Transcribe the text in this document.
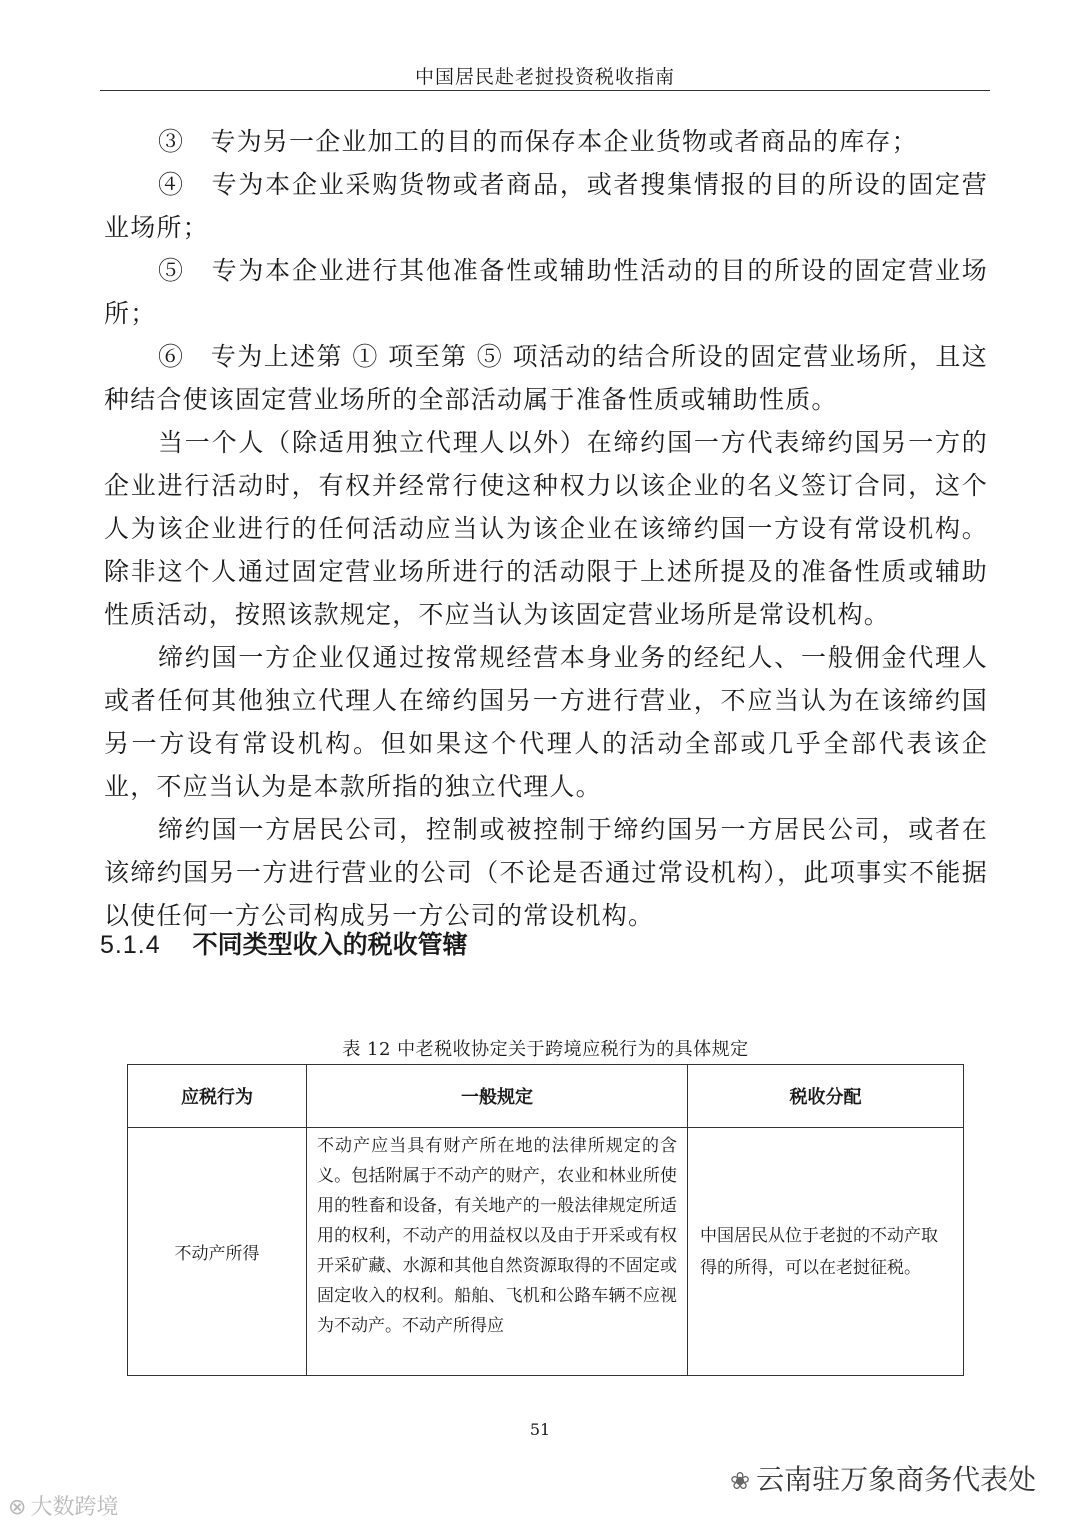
中国居民赴老挝投资税收指南

③　专为另一企业加工的目的而保存本企业货物或者商品的库存；

④　专为本企业采购货物或者商品，或者搜集情报的目的所设的固定营业场所；

⑤　专为本企业进行其他准备性或辅助性活动的目的所设的固定营业场所；

⑥　专为上述第 ① 项至第 ⑤ 项活动的结合所设的固定营业场所，且这种结合使该固定营业场所的全部活动属于准备性质或辅助性质。

当一个人（除适用独立代理人以外）在缔约国一方代表缔约国另一方的企业进行活动时，有权并经常行使这种权力以该企业的名义签订合同，这个人为该企业进行的任何活动应当认为该企业在该缔约国一方设有常设机构。除非这个人通过固定营业场所进行的活动限于上述所提及的准备性质或辅助性质活动，按照该款规定，不应当认为该固定营业场所是常设机构。

缔约国一方企业仅通过按常规经营本身业务的经纪人、一般佣金代理人或者任何其他独立代理人在缔约国另一方进行营业，不应当认为在该缔约国另一方设有常设机构。但如果这个代理人的活动全部或几乎全部代表该企业，不应当认为是本款所指的独立代理人。

缔约国一方居民公司，控制或被控制于缔约国另一方居民公司，或者在该缔约国另一方进行营业的公司（不论是否通过常设机构），此项事实不能据以使任何一方公司构成另一方公司的常设机构。

5.1.4 不同类型收入的税收管辖
表 12 中老税收协定关于跨境应税行为的具体规定
应税行为	一般规定	税收分配
不动产所得	不动产应当具有财产所在地的法律所规定的含义。包括附属于不动产的财产，农业和林业所使用的牲畜和设备，有关地产的一般法律规定所适用的权利，不动产的用益权以及由于开采或有权开采矿藏、水源和其他自然资源取得的不固定或固定收入的权利。船舶、飞机和公路车辆不应视为不动产。不动产所得应	中国居民从位于老挝的不动产取得的所得，可以在老挝征税。
51
⊗ 大数跨境
❀ 云南驻万象商务代表处
